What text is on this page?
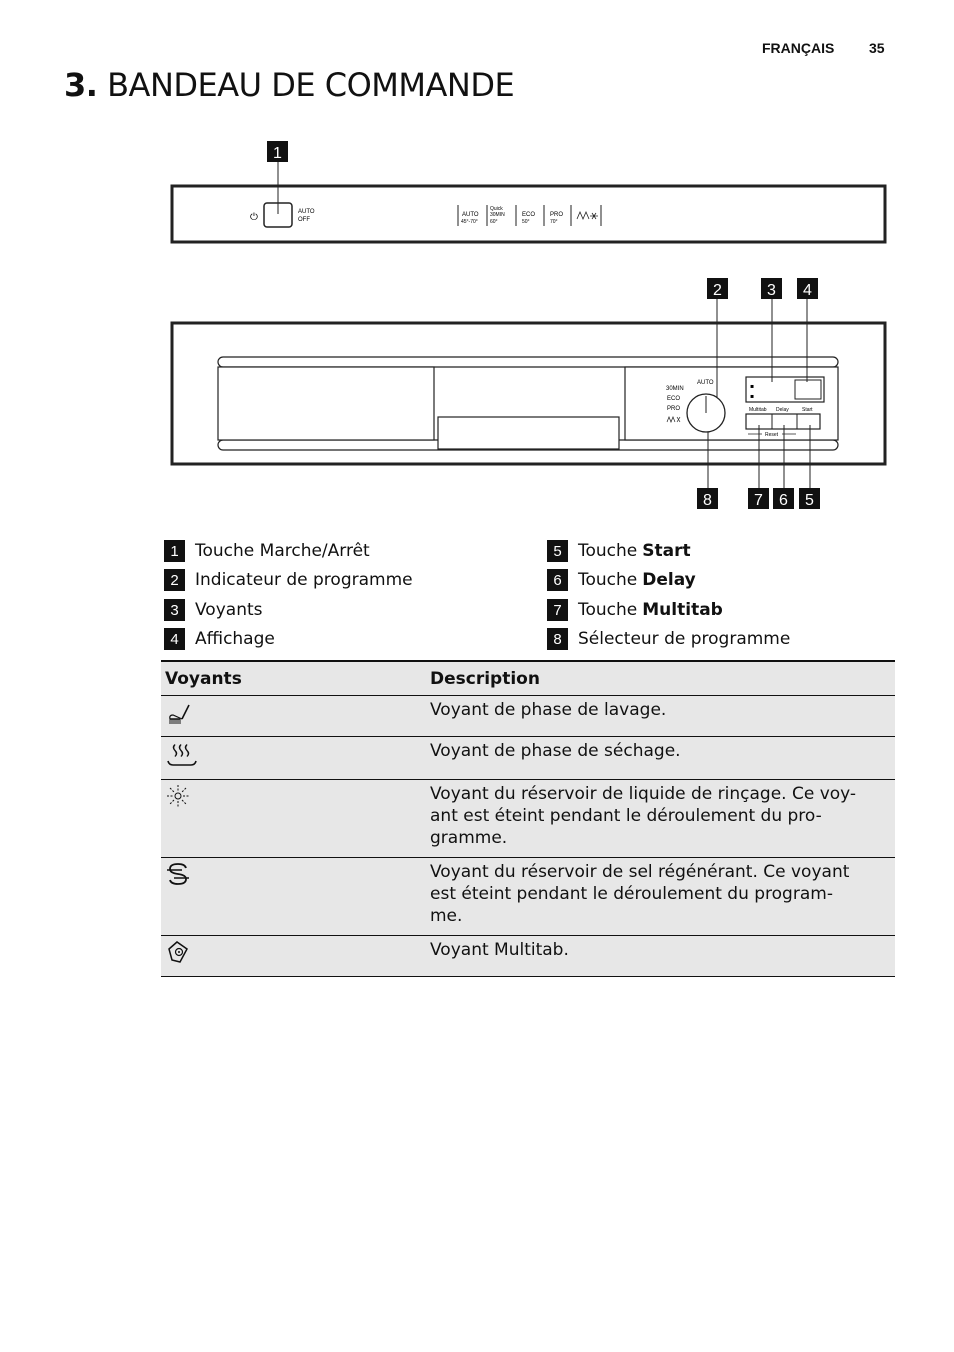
FRANÇAIS 35
3. BANDEAU DE COMMANDE
⏻	AUTO
OFF
AUTO
45°-70°
Quick
30MIN
60°
ECO
50°
PRO
70°
1
AUTO
30MIN
ECO
PRO
▪
▪
Multitab Delay	Start
Reset
2	3 4
8	7 6 5
1 Touche Marche/Arrêt
2 Indicateur de programme
3 Voyants
4 Affichage
5 Touche Start
6 Touche Delay
7 Touche Multitab
8 Sélecteur de programme
Voyants	Description
	Voyant de phase de lavage.
	Voyant de phase de séchage.
	Voyant du réservoir de liquide de rinçage. Ce voy-
ant est éteint pendant le déroulement du pro-
gramme.
	Voyant du réservoir de sel régénérant. Ce voyant
est éteint pendant le déroulement du program-
me.
	Voyant Multitab.
